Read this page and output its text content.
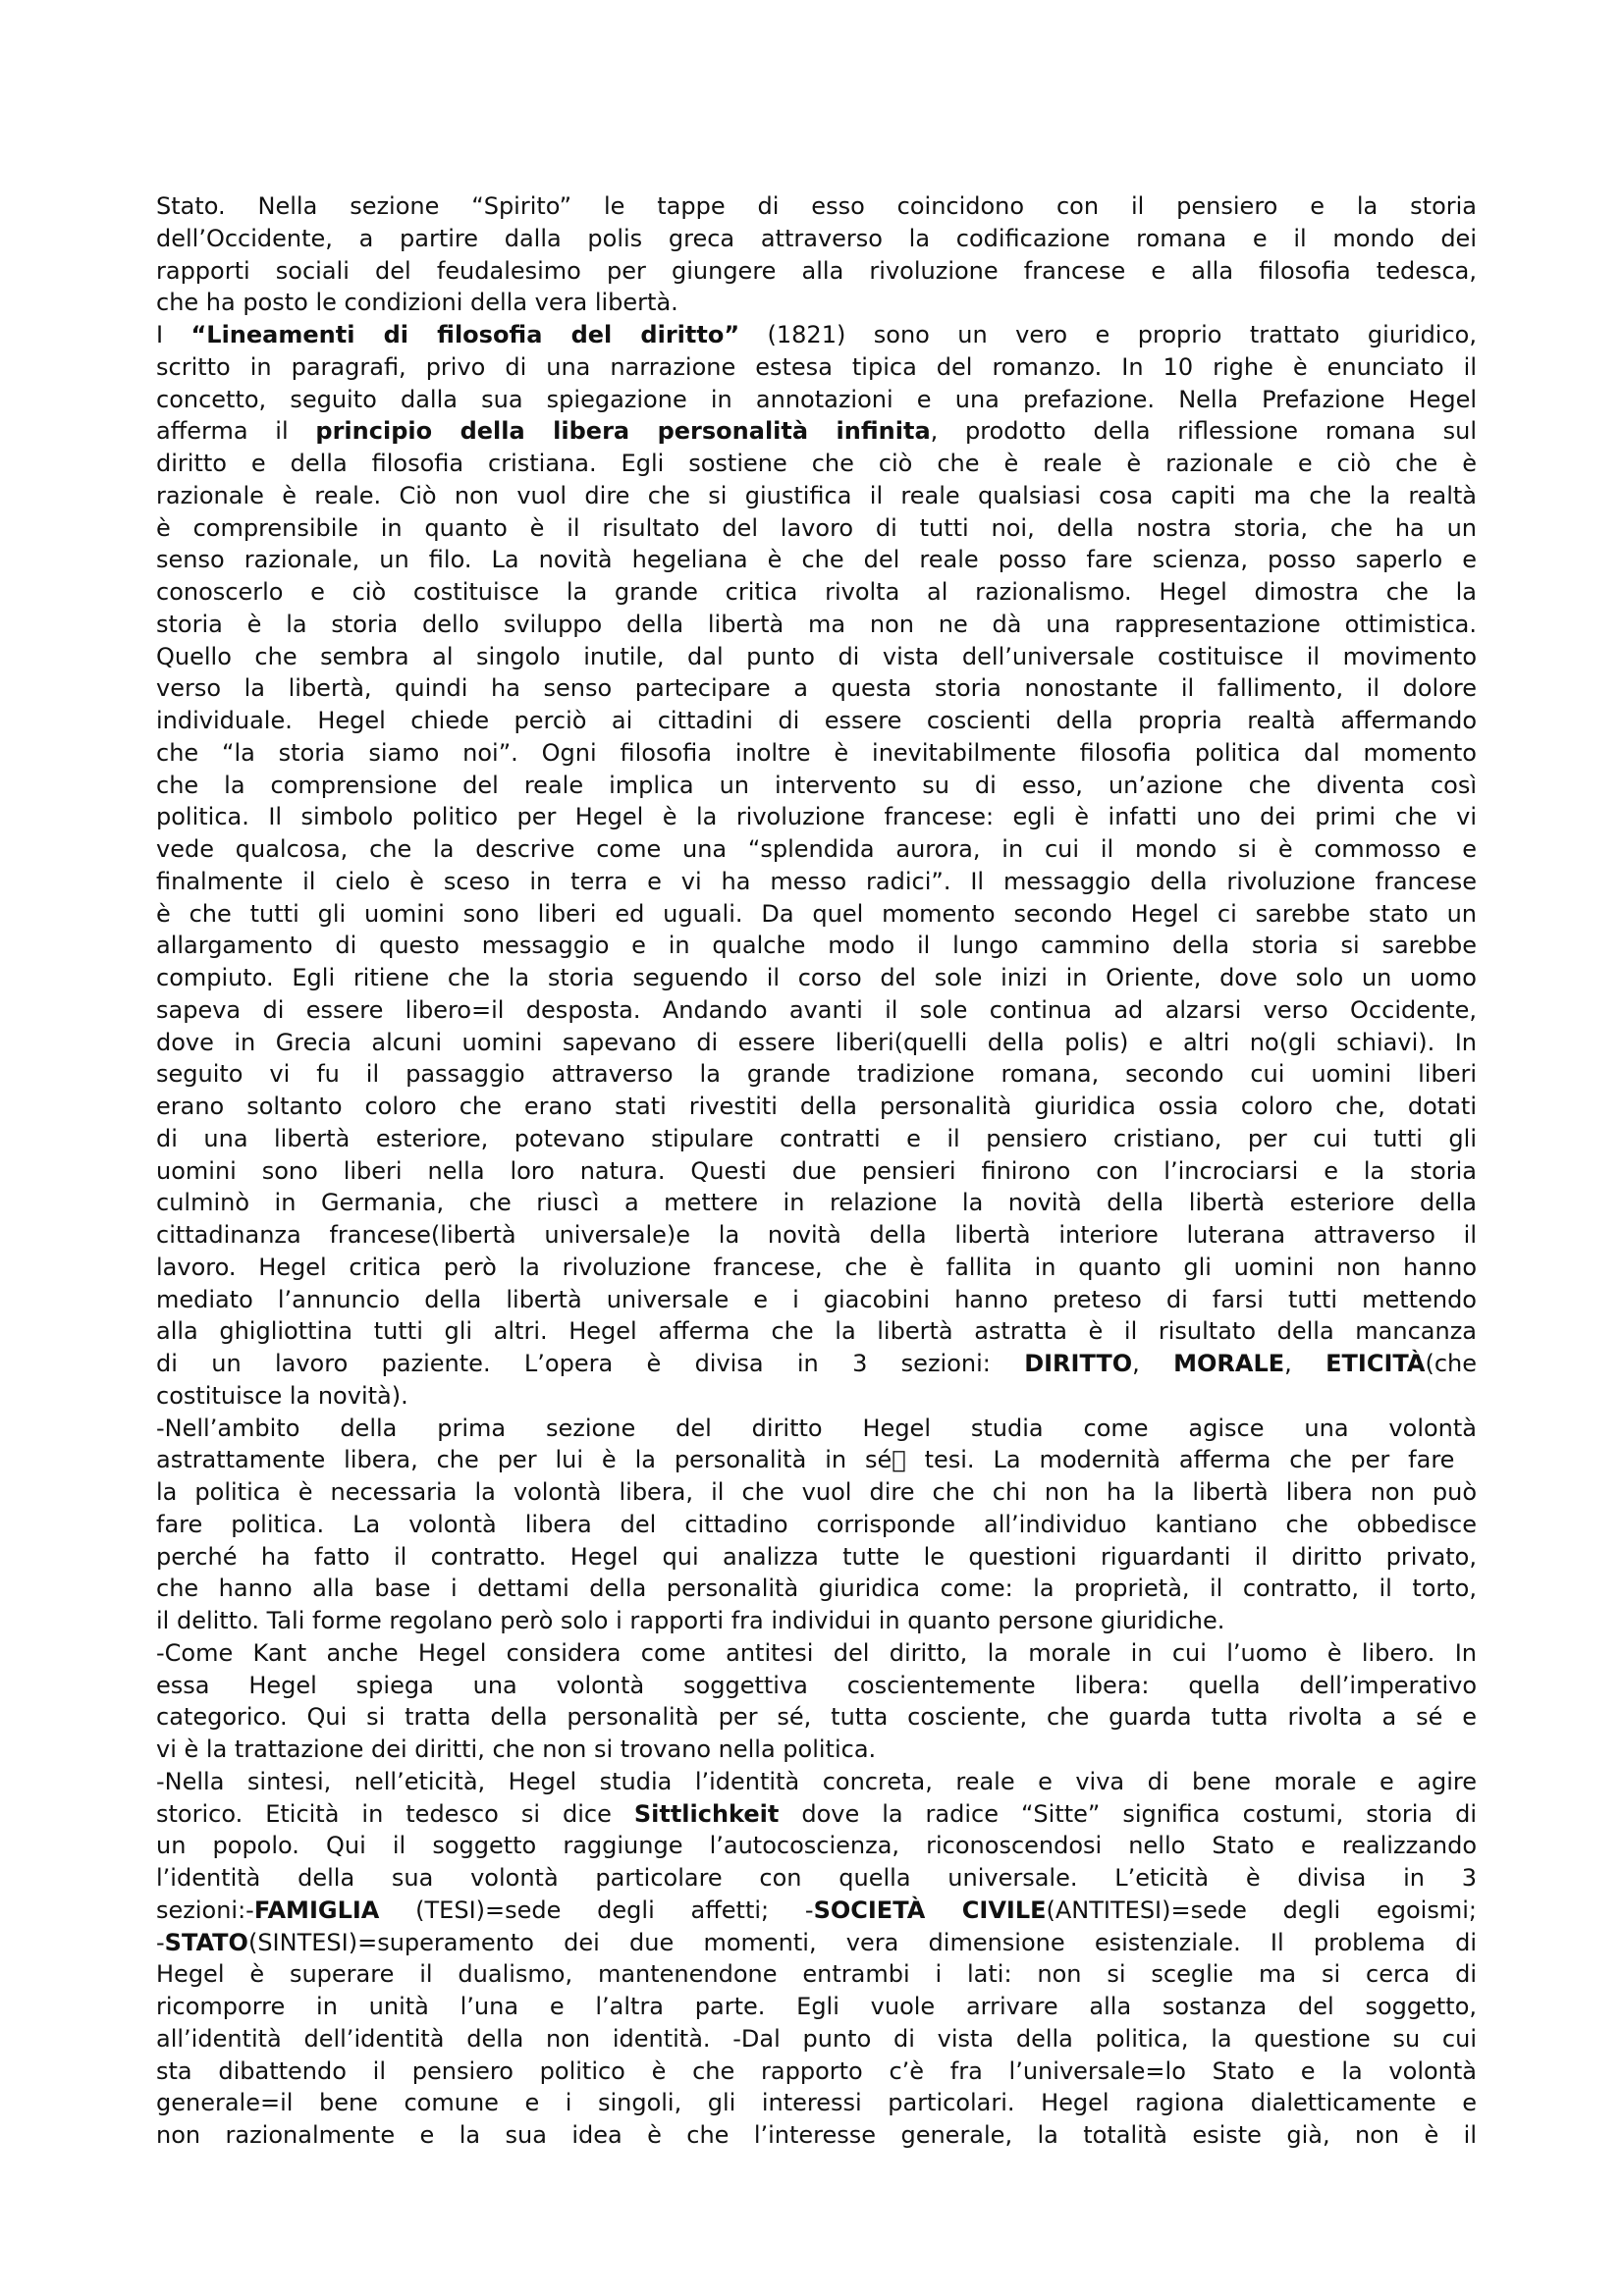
Stato. Nella sezione “Spirito” le tappe di esso coincidono con il pensiero e la storia
dell’Occidente, a partire dalla polis greca attraverso la codificazione romana e il mondo dei
rapporti sociali del feudalesimo per giungere alla rivoluzione francese e alla filosofia tedesca,
che ha posto le condizioni della vera libertà.
I “Lineamenti di filosofia del diritto” (1821) sono un vero e proprio trattato giuridico,
scritto in paragrafi, privo di una narrazione estesa tipica del romanzo. In 10 righe è enunciato il
concetto, seguito dalla sua spiegazione in annotazioni e una prefazione. Nella Prefazione Hegel
afferma il principio della libera personalità infinita, prodotto della riflessione romana sul
diritto e della filosofia cristiana. Egli sostiene che ciò che è reale è razionale e ciò che è
razionale è reale. Ciò non vuol dire che si giustifica il reale qualsiasi cosa capiti ma che la realtà
è comprensibile in quanto è il risultato del lavoro di tutti noi, della nostra storia, che ha un
senso razionale, un filo. La novità hegeliana è che del reale posso fare scienza, posso saperlo e
conoscerlo e ciò costituisce la grande critica rivolta al razionalismo. Hegel dimostra che la
storia è la storia dello sviluppo della libertà ma non ne dà una rappresentazione ottimistica.
Quello che sembra al singolo inutile, dal punto di vista dell’universale costituisce il movimento
verso la libertà, quindi ha senso partecipare a questa storia nonostante il fallimento, il dolore
individuale. Hegel chiede perciò ai cittadini di essere coscienti della propria realtà affermando
che “la storia siamo noi”. Ogni filosofia inoltre è inevitabilmente filosofia politica dal momento
che la comprensione del reale implica un intervento su di esso, un’azione che diventa così
politica. Il simbolo politico per Hegel è la rivoluzione francese: egli è infatti uno dei primi che vi
vede qualcosa, che la descrive come una “splendida aurora, in cui il mondo si è commosso e
finalmente il cielo è sceso in terra e vi ha messo radici”. Il messaggio della rivoluzione francese
è che tutti gli uomini sono liberi ed uguali. Da quel momento secondo Hegel ci sarebbe stato un
allargamento di questo messaggio e in qualche modo il lungo cammino della storia si sarebbe
compiuto. Egli ritiene che la storia seguendo il corso del sole inizi in Oriente, dove solo un uomo
sapeva di essere libero=il desposta. Andando avanti il sole continua ad alzarsi verso Occidente,
dove in Grecia alcuni uomini sapevano di essere liberi(quelli della polis) e altri no(gli schiavi). In
seguito vi fu il passaggio attraverso la grande tradizione romana, secondo cui uomini liberi
erano soltanto coloro che erano stati rivestiti della personalità giuridica ossia coloro che, dotati
di una libertà esteriore, potevano stipulare contratti e il pensiero cristiano, per cui tutti gli
uomini sono liberi nella loro natura. Questi due pensieri finirono con l’incrociarsi e la storia
culminò in Germania, che riuscì a mettere in relazione la novità della libertà esteriore della
cittadinanza francese(libertà universale)e la novità della libertà interiore luterana attraverso il
lavoro. Hegel critica però la rivoluzione francese, che è fallita in quanto gli uomini non hanno
mediato l’annuncio della libertà universale e i giacobini hanno preteso di farsi tutti mettendo
alla ghigliottina tutti gli altri. Hegel afferma che la libertà astratta è il risultato della mancanza
di un lavoro paziente. L’opera è divisa in 3 sezioni: DIRITTO, MORALE, ETICITÀ(che
costituisce la novità).
-Nell’ambito della prima sezione del diritto Hegel studia come agisce una volontà
astrattamente libera, che per lui è la personalità in sé⃞ tesi. La modernità afferma che per fare
la politica è necessaria la volontà libera, il che vuol dire che chi non ha la libertà libera non può
fare politica. La volontà libera del cittadino corrisponde all’individuo kantiano che obbedisce
perché ha fatto il contratto. Hegel qui analizza tutte le questioni riguardanti il diritto privato,
che hanno alla base i dettami della personalità giuridica come: la proprietà, il contratto, il torto,
il delitto. Tali forme regolano però solo i rapporti fra individui in quanto persone giuridiche.
-Come Kant anche Hegel considera come antitesi del diritto, la morale in cui l’uomo è libero. In
essa Hegel spiega una volontà soggettiva coscientemente libera: quella dell’imperativo
categorico. Qui si tratta della personalità per sé, tutta cosciente, che guarda tutta rivolta a sé e
vi è la trattazione dei diritti, che non si trovano nella politica.
-Nella sintesi, nell’eticità, Hegel studia l’identità concreta, reale e viva di bene morale e agire
storico. Eticità in tedesco si dice Sittlichkeit dove la radice “Sitte” significa costumi, storia di
un popolo. Qui il soggetto raggiunge l’autocoscienza, riconoscendosi nello Stato e realizzando
l’identità della sua volontà particolare con quella universale. L’eticità è divisa in 3
sezioni:-FAMIGLIA (TESI)=sede degli affetti; -SOCIETÀ CIVILE(ANTITESI)=sede degli egoismi;
-STATO(SINTESI)=superamento dei due momenti, vera dimensione esistenziale. Il problema di
Hegel è superare il dualismo, mantenendone entrambi i lati: non si sceglie ma si cerca di
ricomporre in unità l’una e l’altra parte. Egli vuole arrivare alla sostanza del soggetto,
all’identità dell’identità della non identità. -Dal punto di vista della politica, la questione su cui
sta dibattendo il pensiero politico è che rapporto c’è fra l’universale=lo Stato e la volontà
generale=il bene comune e i singoli, gli interessi particolari. Hegel ragiona dialetticamente e
non razionalmente e la sua idea è che l’interesse generale, la totalità esiste già, non è il
